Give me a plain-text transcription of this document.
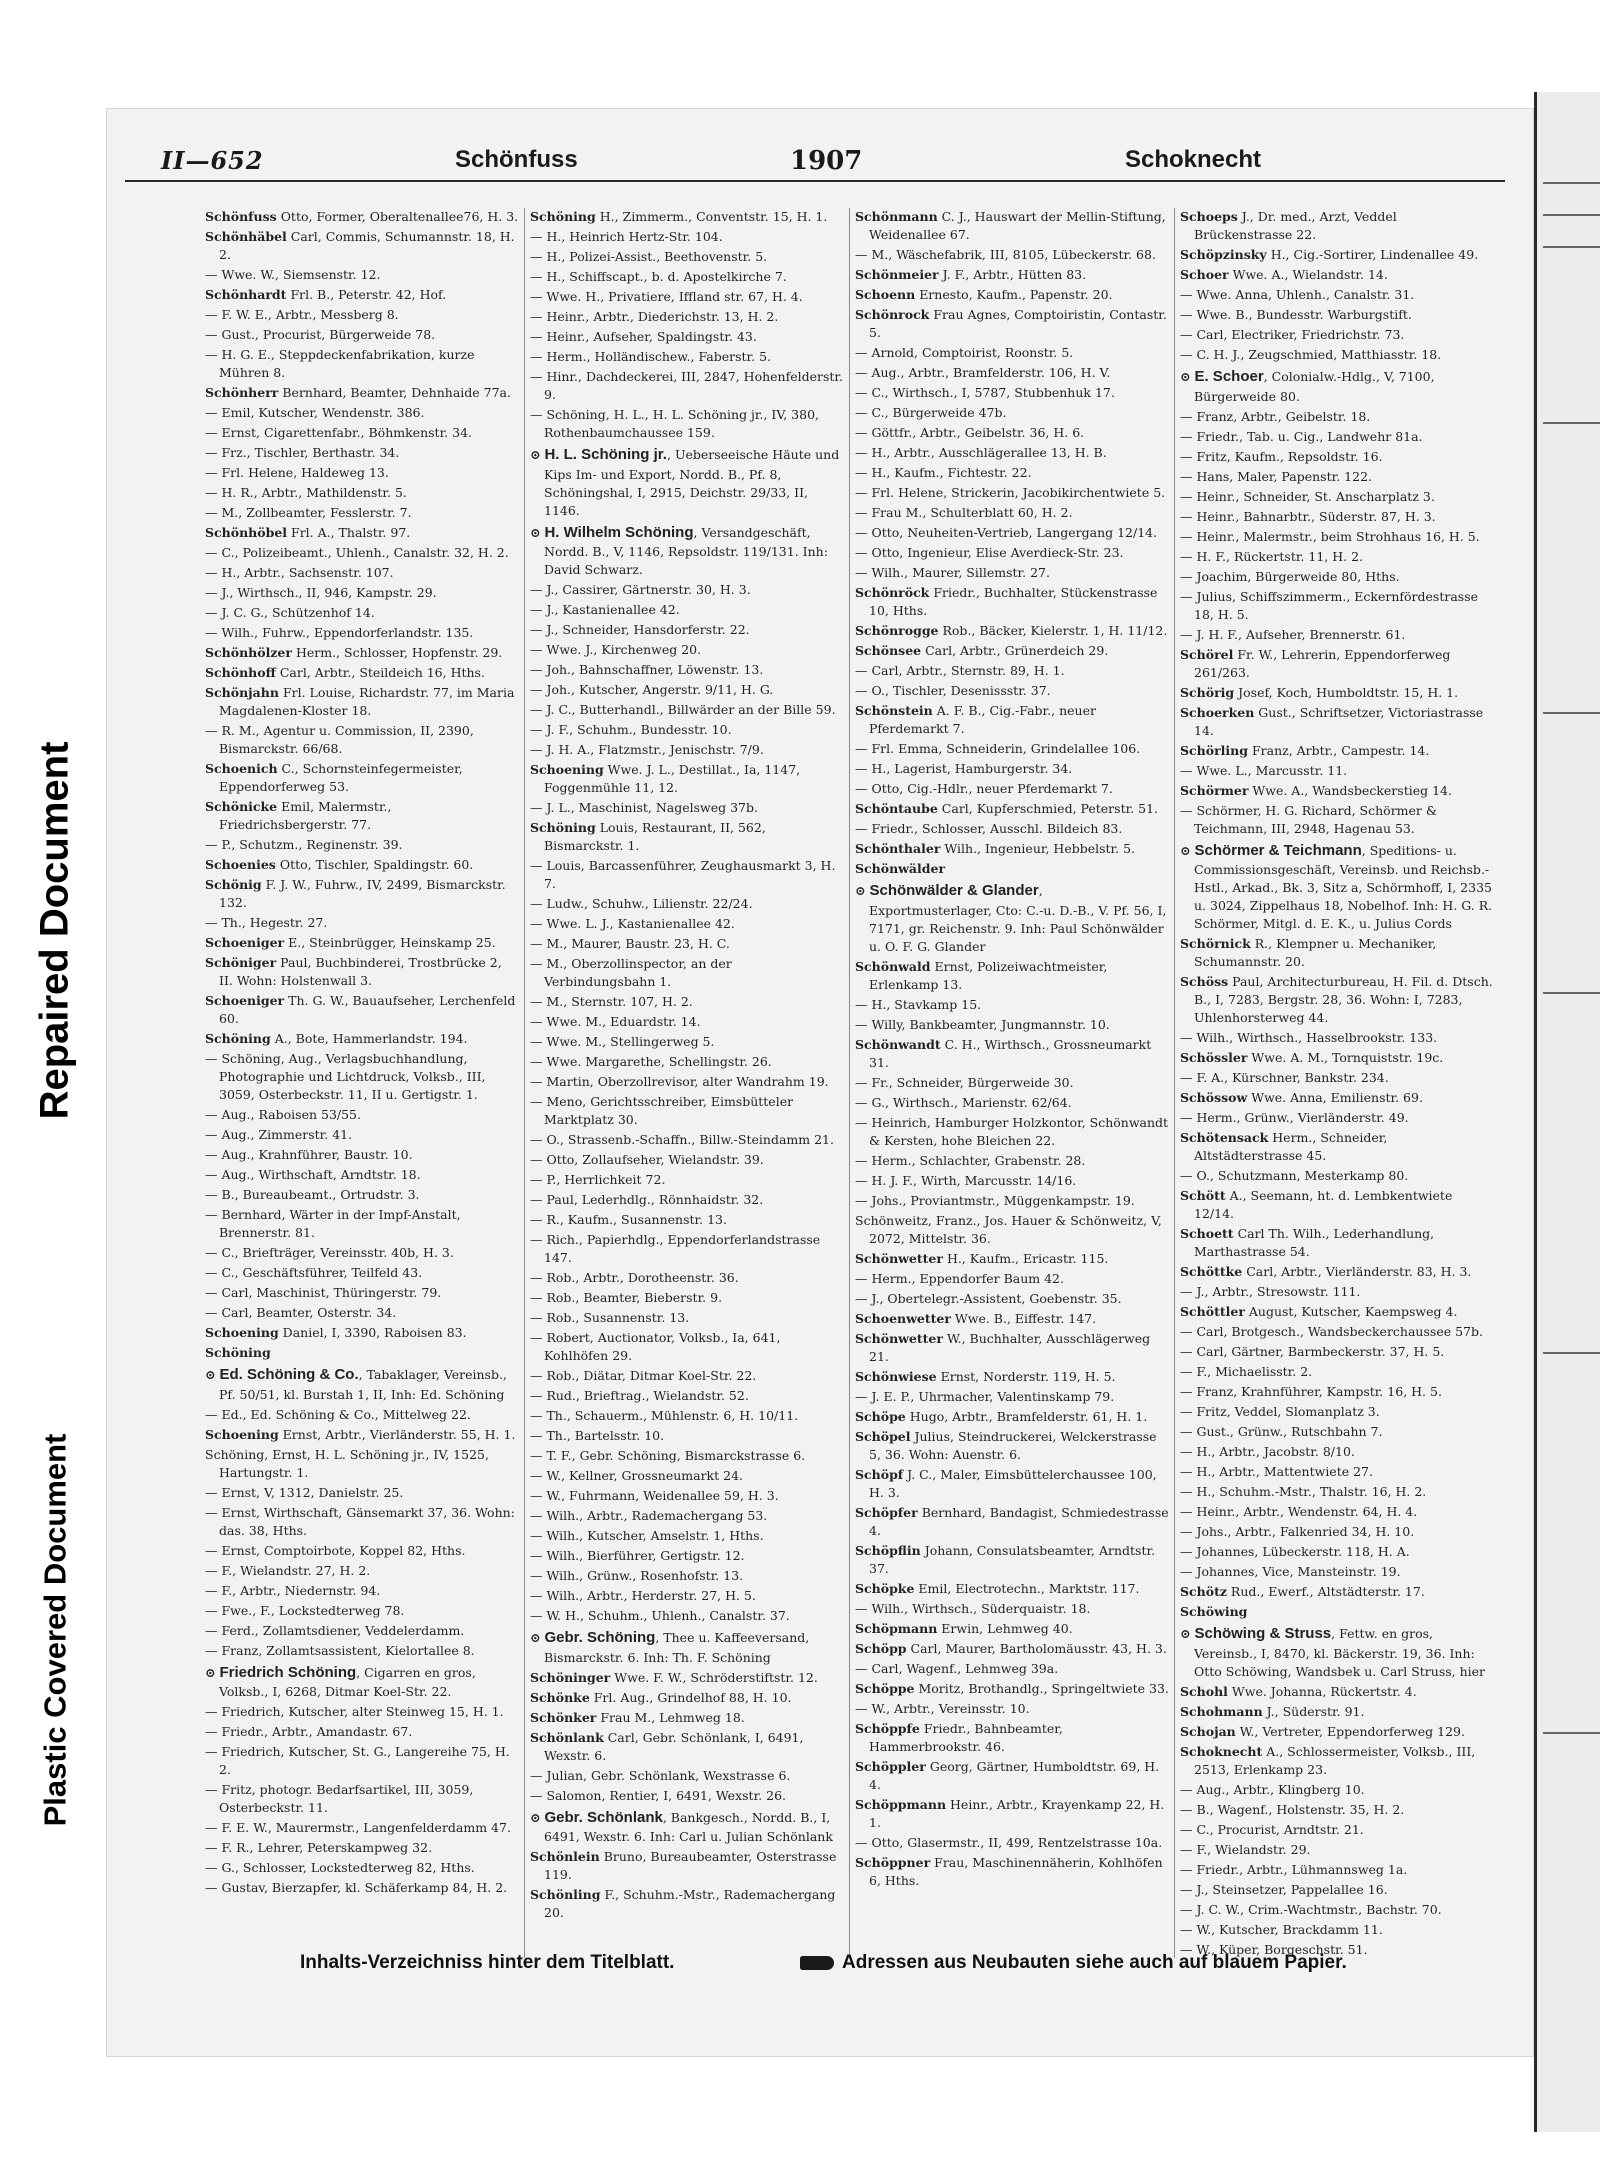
Repaired Document
Plastic Covered Document
II—652	Schönfuss	1907	Schoknecht
Schönfuss Otto, Former, Oberaltenallee76, H. 3.
Schönhäbel Carl, Commis, Schumannstr. 18, H. 2.
— Wwe. W., Siemsenstr. 12.
Schönhardt Frl. B., Peterstr. 42, Hof.
— F. W. E., Arbtr., Messberg 8.
— Gust., Procurist, Bürgerweide 78.
— H. G. E., Steppdeckenfabrikation, kurze Mühren 8.
Schönherr Bernhard, Beamter, Dehnhaide 77a.
— Emil, Kutscher, Wendenstr. 386.
— Ernst, Cigarettenfabr., Böhmkenstr. 34.
— Frz., Tischler, Berthastr. 34.
— Frl. Helene, Haldeweg 13.
— H. R., Arbtr., Mathildenstr. 5.
— M., Zollbeamter, Fesslerstr. 7.
Schönhöbel Frl. A., Thalstr. 97.
— C., Polizeibeamt., Uhlenh., Canalstr. 32, H. 2.
— H., Arbtr., Sachsenstr. 107.
— J., Wirthsch., II, 946, Kampstr. 29.
— J. C. G., Schützenhof 14.
— Wilh., Fuhrw., Eppendorferlandstr. 135.
Schönhölzer Herm., Schlosser, Hopfenstr. 29.
Schönhoff Carl, Arbtr., Steildeich 16, Hths.
Schönjahn Frl. Louise, Richardstr. 77, im Maria Magdalenen-Kloster 18.
— R. M., Agentur u. Commission, II, 2390, Bismarckstr. 66/68.
Schoenich C., Schornsteinfegermeister, Eppendorferweg 53.
Schönicke Emil, Malermstr., Friedrichsbergerstr. 77.
— P., Schutzm., Reginenstr. 39.
Schoenies Otto, Tischler, Spaldingstr. 60.
Schönig F. J. W., Fuhrw., IV, 2499, Bismarckstr. 132.
— Th., Hegestr. 27.
Schoeniger E., Steinbrügger, Heinskamp 25.
Schöniger Paul, Buchbinderei, Trostbrücke 2, II. Wohn: Holstenwall 3.
Schoeniger Th. G. W., Bauaufseher, Lerchenfeld 60.
Schöning A., Bote, Hammerlandstr. 194.
— Schöning, Aug., Verlagsbuchhandlung, Photographie und Lichtdruck, Volksb., III, 3059, Osterbeckstr. 11, II u. Gertigstr. 1.
— Aug., Raboisen 53/55.
— Aug., Zimmerstr. 41.
— Aug., Krahnführer, Baustr. 10.
— Aug., Wirthschaft, Arndtstr. 18.
— B., Bureaubeamt., Ortrudstr. 3.
— Bernhard, Wärter in der Impf-Anstalt, Brennerstr. 81.
— C., Briefträger, Vereinsstr. 40b, H. 3.
— C., Geschäftsführer, Teilfeld 43.
— Carl, Maschinist, Thüringerstr. 79.
— Carl, Beamter, Osterstr. 34.
Schoening Daniel, I, 3390, Raboisen 83.
Schöning
⊙ Ed. Schöning & Co., Tabaklager, Vereinsb., Pf. 50/51, kl. Burstah 1, II, Inh: Ed. Schöning
— Ed., Ed. Schöning & Co., Mittelweg 22.
Schoening Ernst, Arbtr., Vierländerstr. 55, H. 1.
Schöning, Ernst, H. L. Schöning jr., IV, 1525, Hartungstr. 1.
— Ernst, V, 1312, Danielstr. 25.
— Ernst, Wirthschaft, Gänsemarkt 37, 36. Wohn: das. 38, Hths.
— Ernst, Comptoirbote, Koppel 82, Hths.
— F., Wielandstr. 27, H. 2.
— F., Arbtr., Niedernstr. 94.
— Fwe., F., Lockstedterweg 78.
— Ferd., Zollamtsdiener, Veddelerdamm.
— Franz, Zollamtsassistent, Kielortallee 8.
⊙ Friedrich Schöning, Cigarren en gros, Volksb., I, 6268, Ditmar Koel-Str. 22.
— Friedrich, Kutscher, alter Steinweg 15, H. 1.
— Friedr., Arbtr., Amandastr. 67.
— Friedrich, Kutscher, St. G., Langereihe 75, H. 2.
— Fritz, photogr. Bedarfsartikel, III, 3059, Osterbeckstr. 11.
— F. E. W., Maurermstr., Langenfelderdamm 47.
— F. R., Lehrer, Peterskampweg 32.
— G., Schlosser, Lockstedterweg 82, Hths.
— Gustav, Bierzapfer, kl. Schäferkamp 84, H. 2.
Schöning H., Zimmerm., Conventstr. 15, H. 1.
— H., Heinrich Hertz-Str. 104.
— H., Polizei-Assist., Beethovenstr. 5.
— H., Schiffscapt., b. d. Apostelkirche 7.
— Wwe. H., Privatiere, Iffland str. 67, H. 4.
— Heinr., Arbtr., Diederichstr. 13, H. 2.
— Heinr., Aufseher, Spaldingstr. 43.
— Herm., Holländischew., Faberstr. 5.
— Hinr., Dachdeckerei, III, 2847, Hohenfelderstr. 9.
— Schöning, H. L., H. L. Schöning jr., IV, 380, Rothenbaumchaussee 159.
⊙ H. L. Schöning jr., Ueberseeische Häute und Kips Im- und Export, Nordd. B., Pf. 8, Schöningshal, I, 2915, Deichstr. 29/33, II, 1146.
⊙ H. Wilhelm Schöning, Versandgeschäft, Nordd. B., V, 1146, Repsoldstr. 119/131. Inh: David Schwarz.
— J., Cassirer, Gärtnerstr. 30, H. 3.
— J., Kastanienallee 42.
— J., Schneider, Hansdorferstr. 22.
— Wwe. J., Kirchenweg 20.
— Joh., Bahnschaffner, Löwenstr. 13.
— Joh., Kutscher, Angerstr. 9/11, H. G.
— J. C., Butterhandl., Billwärder an der Bille 59.
— J. F., Schuhm., Bundesstr. 10.
— J. H. A., Flatzmstr., Jenischstr. 7/9.
Schoening Wwe. J. L., Destillat., Ia, 1147, Foggenmühle 11, 12.
— J. L., Maschinist, Nagelsweg 37b.
Schöning Louis, Restaurant, II, 562, Bismarckstr. 1.
— Louis, Barcassenführer, Zeughausmarkt 3, H. 7.
— Ludw., Schuhw., Lilienstr. 22/24.
— Wwe. L. J., Kastanienallee 42.
— M., Maurer, Baustr. 23, H. C.
— M., Oberzollinspector, an der Verbindungsbahn 1.
— M., Sternstr. 107, H. 2.
— Wwe. M., Eduardstr. 14.
— Wwe. M., Stellingerweg 5.
— Wwe. Margarethe, Schellingstr. 26.
— Martin, Oberzollrevisor, alter Wandrahm 19.
— Meno, Gerichtsschreiber, Eimsbütteler Marktplatz 30.
— O., Strassenb.-Schaffn., Billw.-Steindamm 21.
— Otto, Zollaufseher, Wielandstr. 39.
— P., Herrlichkeit 72.
— Paul, Lederhdlg., Rönnhaidstr. 32.
— R., Kaufm., Susannenstr. 13.
— Rich., Papierhdlg., Eppendorferlandstrasse 147.
— Rob., Arbtr., Dorotheenstr. 36.
— Rob., Beamter, Bieberstr. 9.
— Rob., Susannenstr. 13.
— Robert, Auctionator, Volksb., Ia, 641, Kohlhöfen 29.
— Rob., Diätar, Ditmar Koel-Str. 22.
— Rud., Brieftrag., Wielandstr. 52.
— Th., Schauerm., Mühlenstr. 6, H. 10/11.
— Th., Bartelsstr. 10.
— T. F., Gebr. Schöning, Bismarckstrasse 6.
— W., Kellner, Grossneumarkt 24.
— W., Fuhrmann, Weidenallee 59, H. 3.
— Wilh., Arbtr., Rademachergang 53.
— Wilh., Kutscher, Amselstr. 1, Hths.
— Wilh., Bierführer, Gertigstr. 12.
— Wilh., Grünw., Rosenhofstr. 13.
— Wilh., Arbtr., Herderstr. 27, H. 5.
— W. H., Schuhm., Uhlenh., Canalstr. 37.
⊙ Gebr. Schöning, Thee u. Kaffeeversand, Bismarckstr. 6. Inh: Th. F. Schöning
Schöninger Wwe. F. W., Schröderstiftstr. 12.
Schönke Frl. Aug., Grindelhof 88, H. 10.
Schönker Frau M., Lehmweg 18.
Schönlank Carl, Gebr. Schönlank, I, 6491, Wexstr. 6.
— Julian, Gebr. Schönlank, Wexstrasse 6.
— Salomon, Rentier, I, 6491, Wexstr. 26.
⊙ Gebr. Schönlank, Bankgesch., Nordd. B., I, 6491, Wexstr. 6. Inh: Carl u. Julian Schönlank
Schönlein Bruno, Bureaubeamter, Osterstrasse 119.
Schönling F., Schuhm.-Mstr., Rademachergang 20.
Schönmann C. J., Hauswart der Mellin-Stiftung, Weidenallee 67.
— M., Wäschefabrik, III, 8105, Lübeckerstr. 68.
Schönmeier J. F., Arbtr., Hütten 83.
Schoenn Ernesto, Kaufm., Papenstr. 20.
Schönrock Frau Agnes, Comptoiristin, Contastr. 5.
— Arnold, Comptoirist, Roonstr. 5.
— Aug., Arbtr., Bramfelderstr. 106, H. V.
— C., Wirthsch., I, 5787, Stubbenhuk 17.
— C., Bürgerweide 47b.
— Göttfr., Arbtr., Geibelstr. 36, H. 6.
— H., Arbtr., Ausschlägerallee 13, H. B.
— H., Kaufm., Fichtestr. 22.
— Frl. Helene, Strickerin, Jacobikirchentwiete 5.
— Frau M., Schulterblatt 60, H. 2.
— Otto, Neuheiten-Vertrieb, Langergang 12/14.
— Otto, Ingenieur, Elise Averdieck-Str. 23.
— Wilh., Maurer, Sillemstr. 27.
Schönröck Friedr., Buchhalter, Stückenstrasse 10, Hths.
Schönrogge Rob., Bäcker, Kielerstr. 1, H. 11/12.
Schönsee Carl, Arbtr., Grünerdeich 29.
— Carl, Arbtr., Sternstr. 89, H. 1.
— O., Tischler, Desenissstr. 37.
Schönstein A. F. B., Cig.-Fabr., neuer Pferdemarkt 7.
— Frl. Emma, Schneiderin, Grindelallee 106.
— H., Lagerist, Hamburgerstr. 34.
— Otto, Cig.-Hdlr., neuer Pferdemarkt 7.
Schöntaube Carl, Kupferschmied, Peterstr. 51.
— Friedr., Schlosser, Ausschl. Bildeich 83.
Schönthaler Wilh., Ingenieur, Hebbelstr. 5.
Schönwälder
⊙ Schönwälder & Glander, Exportmusterlager, Cto: C.-u. D.-B., V. Pf. 56, I, 7171, gr. Reichenstr. 9. Inh: Paul Schönwälder u. O. F. G. Glander
Schönwald Ernst, Polizeiwachtmeister, Erlenkamp 13.
— H., Stavkamp 15.
— Willy, Bankbeamter, Jungmannstr. 10.
Schönwandt C. H., Wirthsch., Grossneumarkt 31.
— Fr., Schneider, Bürgerweide 30.
— G., Wirthsch., Marienstr. 62/64.
— Heinrich, Hamburger Holzkontor, Schönwandt & Kersten, hohe Bleichen 22.
— Herm., Schlachter, Grabenstr. 28.
— H. J. F., Wirth, Marcusstr. 14/16.
— Johs., Proviantmstr., Müggenkampstr. 19.
Schönweitz, Franz., Jos. Hauer & Schönweitz, V, 2072, Mittelstr. 36.
Schönwetter H., Kaufm., Ericastr. 115.
— Herm., Eppendorfer Baum 42.
— J., Obertelegr.-Assistent, Goebenstr. 35.
Schoenwetter Wwe. B., Eiffestr. 147.
Schönwetter W., Buchhalter, Ausschlägerweg 21.
Schönwiese Ernst, Norderstr. 119, H. 5.
— J. E. P., Uhrmacher, Valentinskamp 79.
Schöpe Hugo, Arbtr., Bramfelderstr. 61, H. 1.
Schöpel Julius, Steindruckerei, Welckerstrasse 5, 36. Wohn: Auenstr. 6.
Schöpf J. C., Maler, Eimsbüttelerchaussee 100, H. 3.
Schöpfer Bernhard, Bandagist, Schmiedestrasse 4.
Schöpflin Johann, Consulatsbeamter, Arndtstr. 37.
Schöpke Emil, Electrotechn., Marktstr. 117.
— Wilh., Wirthsch., Süderquaistr. 18.
Schöpmann Erwin, Lehmweg 40.
Schöpp Carl, Maurer, Bartholomäusstr. 43, H. 3.
— Carl, Wagenf., Lehmweg 39a.
Schöppe Moritz, Brothandlg., Springeltwiete 33.
— W., Arbtr., Vereinsstr. 10.
Schöppfe Friedr., Bahnbeamter, Hammerbrookstr. 46.
Schöppler Georg, Gärtner, Humboldtstr. 69, H. 4.
Schöppmann Heinr., Arbtr., Krayenkamp 22, H. 1.
— Otto, Glasermstr., II, 499, Rentzelstrasse 10a.
Schöppner Frau, Maschinennäherin, Kohlhöfen 6, Hths.
Schoeps J., Dr. med., Arzt, Veddel Brückenstrasse 22.
Schöpzinsky H., Cig.-Sortirer, Lindenallee 49.
Schoer Wwe. A., Wielandstr. 14.
— Wwe. Anna, Uhlenh., Canalstr. 31.
— Wwe. B., Bundesstr. Warburgstift.
— Carl, Electriker, Friedrichstr. 73.
— C. H. J., Zeugschmied, Matthiasstr. 18.
⊙ E. Schoer, Colonialw.-Hdlg., V, 7100, Bürgerweide 80.
— Franz, Arbtr., Geibelstr. 18.
— Friedr., Tab. u. Cig., Landwehr 81a.
— Fritz, Kaufm., Repsoldstr. 16.
— Hans, Maler, Papenstr. 122.
— Heinr., Schneider, St. Anscharplatz 3.
— Heinr., Bahnarbtr., Süderstr. 87, H. 3.
— Heinr., Malermstr., beim Strohhaus 16, H. 5.
— H. F., Rückertstr. 11, H. 2.
— Joachim, Bürgerweide 80, Hths.
— Julius, Schiffszimmerm., Eckernfördestrasse 18, H. 5.
— J. H. F., Aufseher, Brennerstr. 61.
Schörel Fr. W., Lehrerin, Eppendorferweg 261/263.
Schörig Josef, Koch, Humboldtstr. 15, H. 1.
Schoerken Gust., Schriftsetzer, Victoriastrasse 14.
Schörling Franz, Arbtr., Campestr. 14.
— Wwe. L., Marcusstr. 11.
Schörmer Wwe. A., Wandsbeckerstieg 14.
— Schörmer, H. G. Richard, Schörmer & Teichmann, III, 2948, Hagenau 53.
⊙ Schörmer & Teichmann, Speditions- u. Commissionsgeschäft, Vereinsb. und Reichsb.-Hstl., Arkad., Bk. 3, Sitz a, Schörmhoff, I, 2335 u. 3024, Zippelhaus 18, Nobelhof. Inh: H. G. R. Schörmer, Mitgl. d. E. K., u. Julius Cords
Schörnick R., Klempner u. Mechaniker, Schumannstr. 20.
Schöss Paul, Architecturbureau, H. Fil. d. Dtsch. B., I, 7283, Bergstr. 28, 36. Wohn: I, 7283, Uhlenhorsterweg 44.
— Wilh., Wirthsch., Hasselbrookstr. 133.
Schössler Wwe. A. M., Tornquiststr. 19c.
— F. A., Kürschner, Bankstr. 234.
Schössow Wwe. Anna, Emilienstr. 69.
— Herm., Grünw., Vierländerstr. 49.
Schötensack Herm., Schneider, Altstädterstrasse 45.
— O., Schutzmann, Mesterkamp 80.
Schött A., Seemann, ht. d. Lembkentwiete 12/14.
Schoett Carl Th. Wilh., Lederhandlung, Marthastrasse 54.
Schöttke Carl, Arbtr., Vierländerstr. 83, H. 3.
— J., Arbtr., Stresowstr. 111.
Schöttler August, Kutscher, Kaempsweg 4.
— Carl, Brotgesch., Wandsbeckerchaussee 57b.
— Carl, Gärtner, Barmbeckerstr. 37, H. 5.
— F., Michaelisstr. 2.
— Franz, Krahnführer, Kampstr. 16, H. 5.
— Fritz, Veddel, Slomanplatz 3.
— Gust., Grünw., Rutschbahn 7.
— H., Arbtr., Jacobstr. 8/10.
— H., Arbtr., Mattentwiete 27.
— H., Schuhm.-Mstr., Thalstr. 16, H. 2.
— Heinr., Arbtr., Wendenstr. 64, H. 4.
— Johs., Arbtr., Falkenried 34, H. 10.
— Johannes, Lübeckerstr. 118, H. A.
— Johannes, Vice, Mansteinstr. 19.
Schötz Rud., Ewerf., Altstädterstr. 17.
Schöwing
⊙ Schöwing & Struss, Fettw. en gros, Vereinsb., I, 8470, kl. Bäckerstr. 19, 36. Inh: Otto Schöwing, Wandsbek u. Carl Struss, hier
Schohl Wwe. Johanna, Rückertstr. 4.
Schohmann J., Süderstr. 91.
Schojan W., Vertreter, Eppendorferweg 129.
Schoknecht A., Schlossermeister, Volksb., III, 2513, Erlenkamp 23.
— Aug., Arbtr., Klingberg 10.
— B., Wagenf., Holstenstr. 35, H. 2.
— C., Procurist, Arndtstr. 21.
— F., Wielandstr. 29.
— Friedr., Arbtr., Lühmannsweg 1a.
— J., Steinsetzer, Pappelallee 16.
— J. C. W., Crim.-Wachtmstr., Bachstr. 70.
— W., Kutscher, Brackdamm 11.
— W., Küper, Borgeschstr. 51.
Inhalts-Verzeichniss hinter dem Titelblatt.	Adressen aus Neubauten siehe auch auf blauem Papier.
